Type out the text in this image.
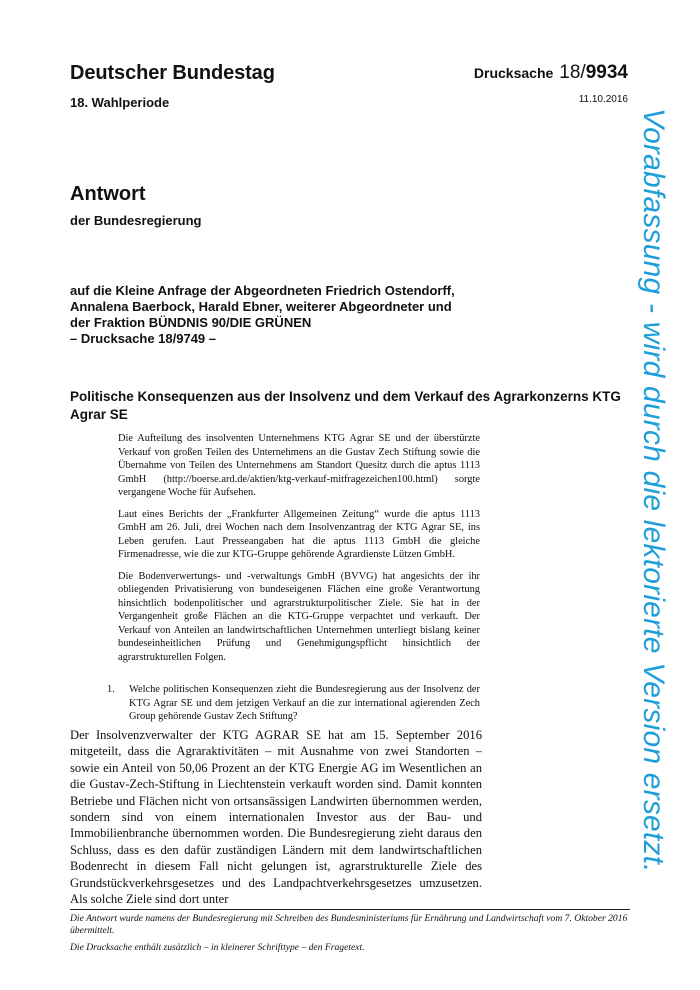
Deutscher Bundestag
18. Wahlperiode
Drucksache 18/9934
11.10.2016
Antwort
der Bundesregierung
auf die Kleine Anfrage der Abgeordneten Friedrich Ostendorff,
Annalena Baerbock, Harald Ebner, weiterer Abgeordneter und
der Fraktion BÜNDNIS 90/DIE GRÜNEN
– Drucksache 18/9749 –
Politische Konsequenzen aus der Insolvenz und dem Verkauf des Agrarkonzerns KTG Agrar SE

Die Aufteilung des insolventen Unternehmens KTG Agrar SE und der überstürzte Verkauf von großen Teilen des Unternehmens an die Gustav Zech Stiftung sowie die Übernahme von Teilen des Unternehmens am Standort Quesitz durch die aptus 1113 GmbH (http://boerse.ard.de/aktien/ktg-verkauf-mitfragezeichen100.html) sorgte vergangene Woche für Aufsehen.

Laut eines Berichts der „Frankfurter Allgemeinen Zeitung“ wurde die aptus 1113 GmbH am 26. Juli, drei Wochen nach dem Insolvenzantrag der KTG Agrar SE, ins Leben gerufen. Laut Presseangaben hat die aptus 1113 GmbH die gleiche Firmenadresse, wie die zur KTG-Gruppe gehörende Agrardienste Lützen GmbH.

Die Bodenverwertungs- und -verwaltungs GmbH (BVVG) hat angesichts der ihr obliegenden Privatisierung von bundeseigenen Flächen eine große Verantwortung hinsichtlich bodenpolitischer und agrarstrukturpolitischer Ziele. Sie hat in der Vergangenheit große Flächen an die KTG-Gruppe verpachtet und verkauft. Der Verkauf von Anteilen an landwirtschaftlichen Unternehmen unterliegt bislang keiner bundeseinheitlichen Prüfung und Genehmigungspflicht hinsichtlich der agrarstrukturellen Folgen.

1. Welche politischen Konsequenzen zieht die Bundesregierung aus der Insolvenz der KTG Agrar SE und dem jetzigen Verkauf an die zur international agierenden Zech Group gehörende Gustav Zech Stiftung?

Der Insolvenzverwalter der KTG AGRAR SE hat am 15. September 2016 mitgeteilt, dass die Agraraktivitäten – mit Ausnahme von zwei Standorten – sowie ein Anteil von 50,06 Prozent an der KTG Energie AG im Wesentlichen an die Gustav-Zech-Stiftung in Liechtenstein verkauft worden sind. Damit konnten Betriebe und Flächen nicht von ortsansässigen Landwirten übernommen werden, sondern sind von einem internationalen Investor aus der Bau- und Immobilienbranche übernommen worden. Die Bundesregierung zieht daraus den Schluss, dass es den dafür zuständigen Ländern mit dem landwirtschaftlichen Bodenrecht in diesem Fall nicht gelungen ist, agrarstrukturelle Ziele des Grundstückverkehrsgesetzes und des Landpachtverkehrsgesetzes umzusetzen. Als solche Ziele sind dort unter

Die Antwort wurde namens der Bundesregierung mit Schreiben des Bundesministeriums für Ernährung und Landwirtschaft vom 7. Oktober 2016 übermittelt.

Die Drucksache enthält zusätzlich – in kleinerer Schrifttype – den Fragetext.

Vorabfassung - wird durch die lektorierte Version ersetzt.
